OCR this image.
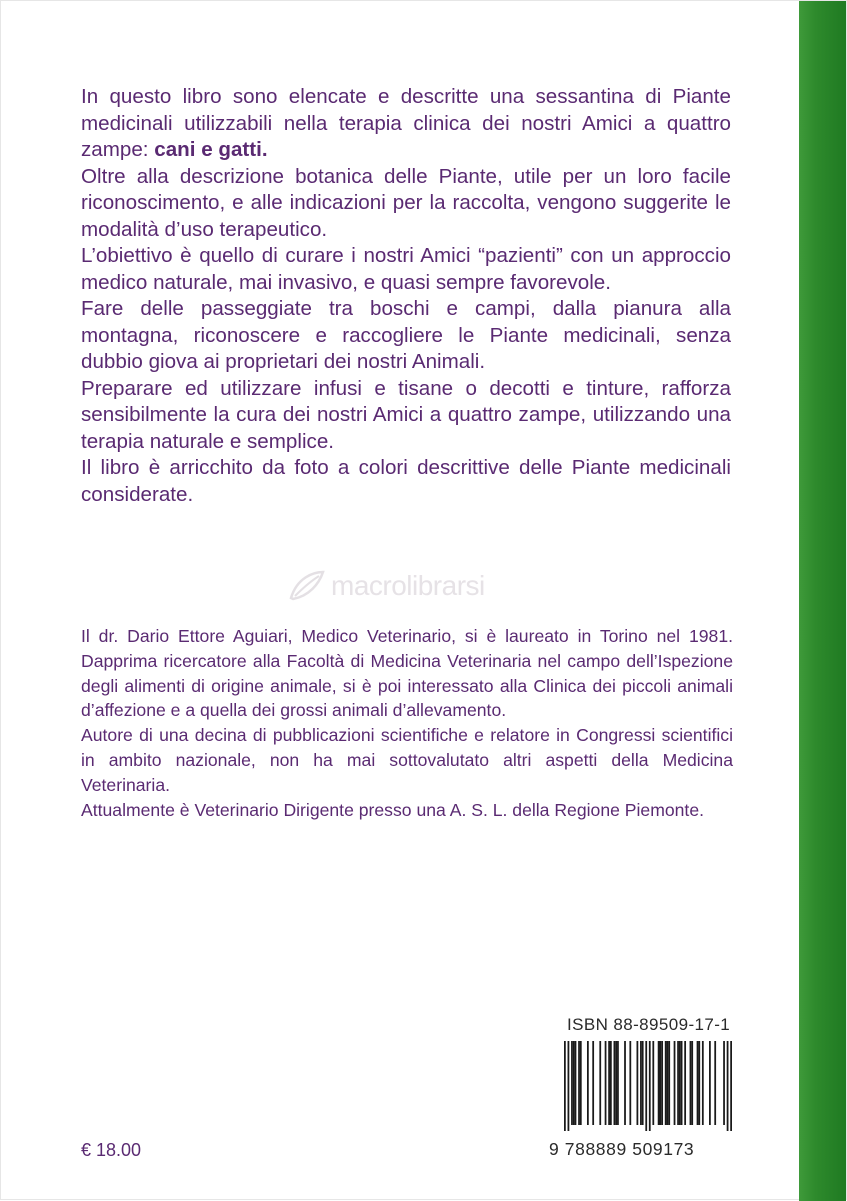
In questo libro sono elencate e descritte una sessantina di Piante medicinali utilizzabili nella terapia clinica dei nostri Amici a quattro zampe: cani e gatti.

Oltre alla descrizione botanica delle Piante, utile per un loro facile riconoscimento, e alle indicazioni per la raccolta, vengono suggerite le modalità d’uso terapeutico.

L’obiettivo è quello di curare i nostri Amici “pazienti” con un approccio medico naturale, mai invasivo, e quasi sempre favorevole.

Fare delle passeggiate tra boschi e campi, dalla pianura alla montagna, riconoscere e raccogliere le Piante medicinali, senza dubbio giova ai proprietari dei nostri Animali.

Preparare ed utilizzare infusi e tisane o decotti e tinture, rafforza sensibilmente la cura dei nostri Amici a quattro zampe, utilizzando una terapia naturale e semplice.

Il libro è arricchito da foto a colori descrittive delle Piante medicinali considerate.

macrolibrarsi

Il dr. Dario Ettore Aguiari, Medico Veterinario, si è laureato in Torino nel 1981. Dapprima ricercatore alla Facoltà di Medicina Veterinaria nel campo dell’Ispezione degli alimenti di origine animale, si è poi interessato alla Clinica dei piccoli animali d’affezione e a quella dei grossi animali d’allevamento.

Autore di una decina di pubblicazioni scientifiche e relatore in Congressi scientifici in ambito nazionale, non ha mai sottovalutato altri aspetti della Medicina Veterinaria.

Attualmente è Veterinario Dirigente presso una A. S. L. della Regione Piemonte.

ISBN 88-89509-17-1
9 788889 509173
€ 18.00
